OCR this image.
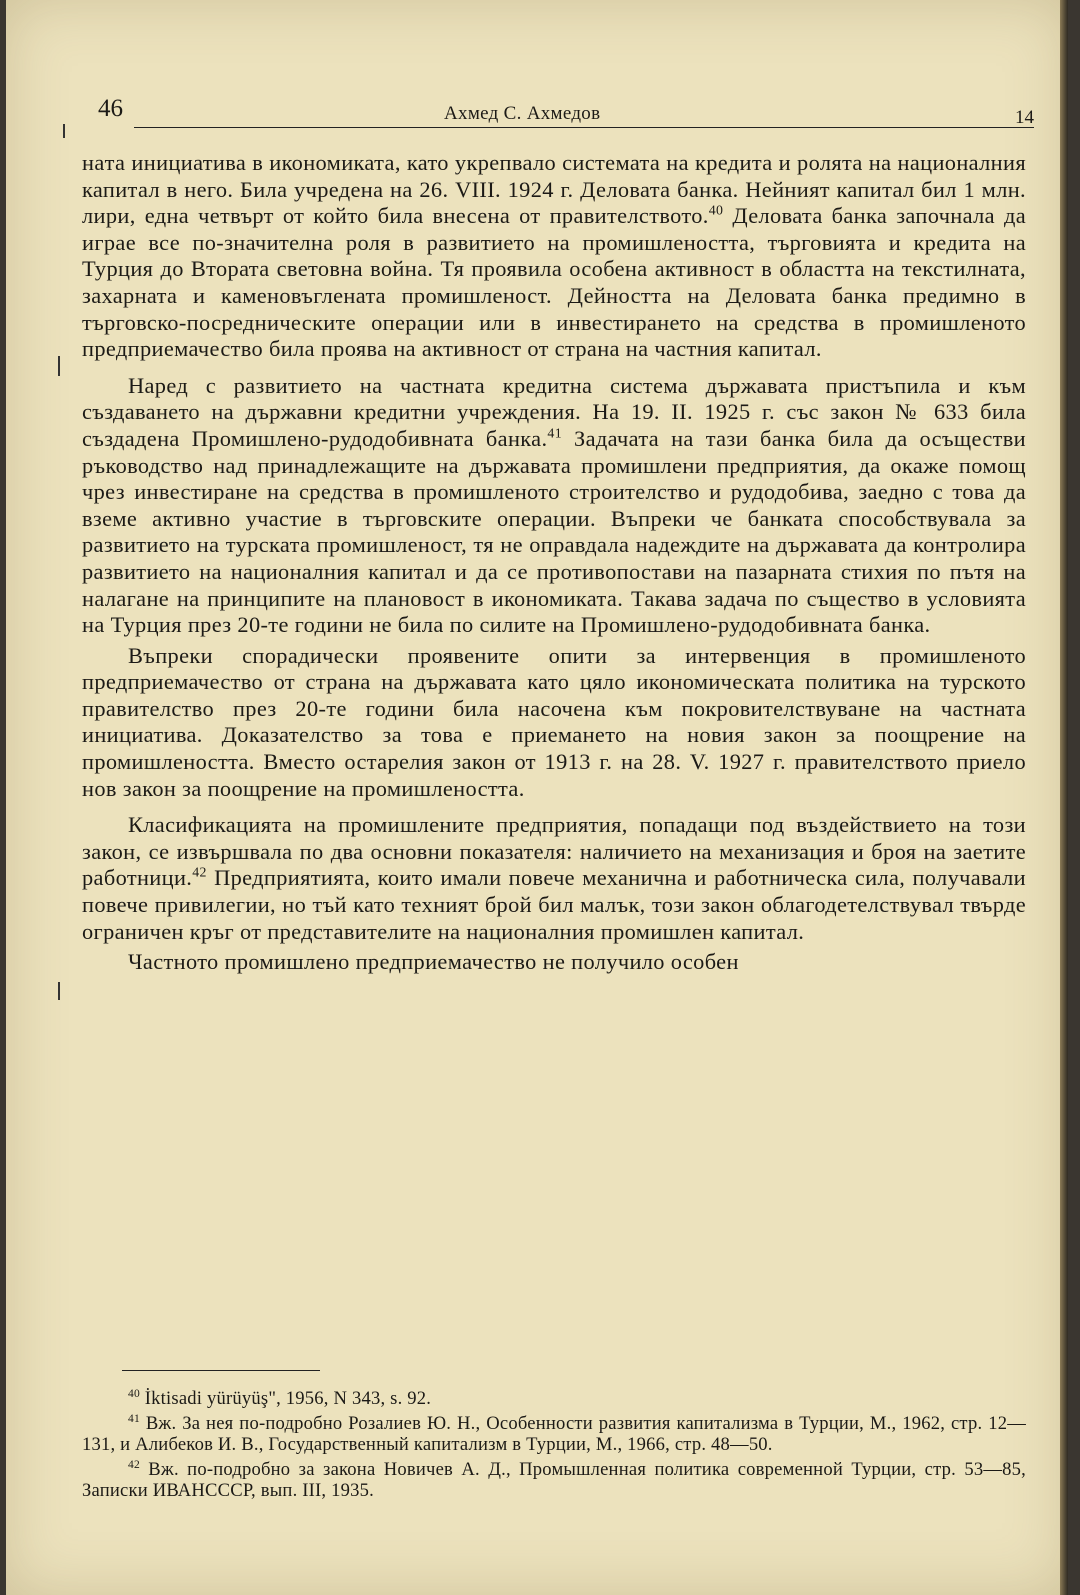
46	Ахмед С. Ахмедов	14

нaта инициатива в икономиката, като укрепвало системата на кредита и ролята на националния капитал в него. Била учредена на 26. VIII. 1924 г. Деловата банка. Нейният капитал бил 1 млн. лири, една четвърт от който била внесена от правителството.$^{40}$ Деловата банка започнала да играе все по-значителна роля в развитието на промишлеността, търговията и кредита на Турция до Втората световна война. Тя проявила особена активност в областта на текстилната, захарната и каменовъгленатa промишленост. Дейността на Деловата банка предимно в търговско-посредническите операции или в инвестирането на средства в промишленото предприемачество била проява на активност от страна на частния капитал.

Наред с развитието на частната кредитна система държавата пристъпила и към създаването на държавни кредитни учреждения. На 19. II. 1925 г. със закон № 633 била създадена Промишлено-рудодобивната банка.$^{41}$ Задачата на тази банка била да осъществи ръководство над принадлежащите на държавата промишлени предприятия, да окаже помощ чрез инвестиране на средства в промишленото строителство и рудодобива, заедно с това да вземе активно участие в търговските операции. Въпреки че банката способствувала за развитието на турската промишленост, тя не оправдала надеждите на държавата да контролира развитието на националния капитал и да се противопостави на пазарната стихия по пътя на налагане на принципите на плановост в икономиката. Такава задача по същество в условията на Турция през 20-те години не била по силите на Промишлено-рудодобивната банка.

Въпреки спорадически проявените опити за интервенция в промишленото предприемачество от страна на държавата като цяло икономическата политика на турското правителство през 20-те години била насочена към покровителствуване на частната инициатива. Доказателство за това е приемането на новия закон за поощрение на промишлеността. Вместо остарелия закон от 1913 г. на 28. V. 1927 г. правителството приело нов закон за поощрение на промишлеността.

Класификацията на промишлените предприятия, попадащи под въздействието на този закон, се извършвала по два основни показателя: наличието на механизация и броя на заетите работници.$^{42}$ Предприятията, които имали повече механична и работническа сила, получавали повече привилегии, но тъй като техният брой бил малък, този закон облагодетелствувал твърде ограничен кръг от представителите на националния промишлен капитал.

Частното промишлено предприемачество не получило особен

$^{40}$ İktisadi yürüyüş", 1956, N 343, s. 92.

$^{41}$ Вж. За нея по-подробно Розалиев Ю. Н., Особенности развития капитализма в Турции, М., 1962, стр. 12—131, и Алибеков И. В., Государственный капитализм в Турции, М., 1966, стр. 48—50.

$^{42}$ Вж. по-подробно за закона Новичев А. Д., Промышленная политика современной Турции, стр. 53—85, Записки ИВАНСССР, вып. III, 1935.
